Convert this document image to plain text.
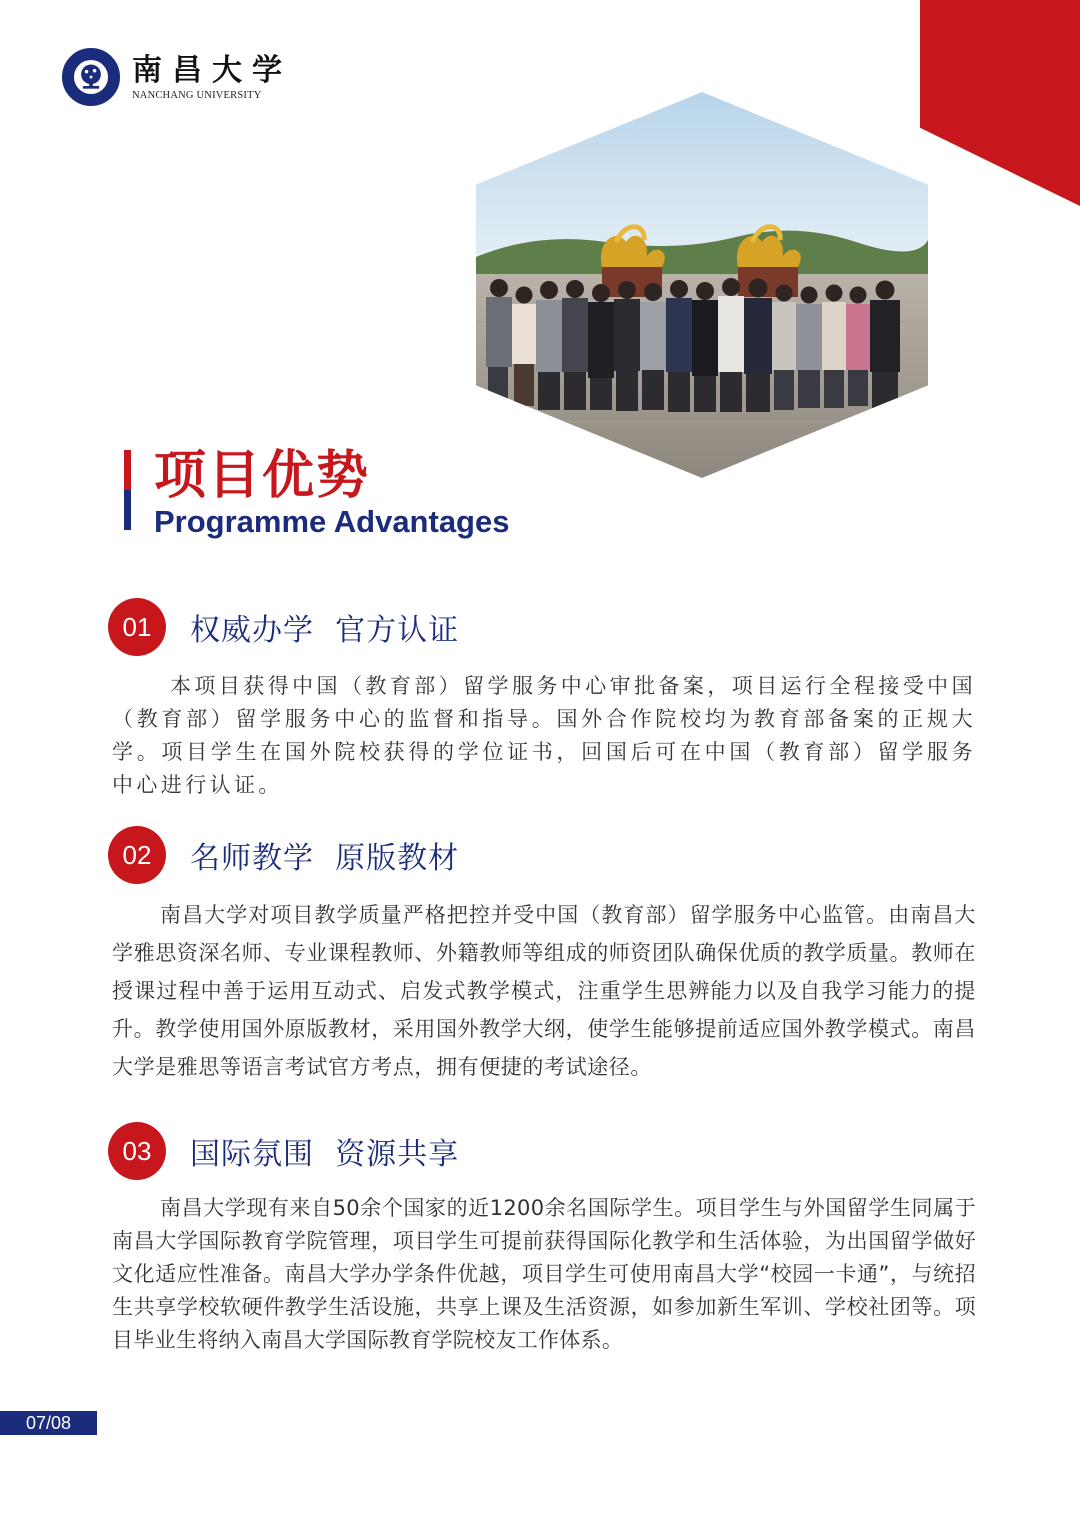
南昌大学
NANCHANG UNIVERSITY
项目优势
Programme Advantages
01	权威办学  官方认证

本项目获得中国（教育部）留学服务中心审批备案，项目运行全程接受中国（教育部）留学服务中心的监督和指导。国外合作院校均为教育部备案的正规大学。项目学生在国外院校获得的学位证书，回国后可在中国（教育部）留学服务中心进行认证。

02	名师教学  原版教材

南昌大学对项目教学质量严格把控并受中国（教育部）留学服务中心监管。由南昌大学雅思资深名师、专业课程教师、外籍教师等组成的师资团队确保优质的教学质量。教师在授课过程中善于运用互动式、启发式教学模式，注重学生思辨能力以及自我学习能力的提升。教学使用国外原版教材，采用国外教学大纲，使学生能够提前适应国外教学模式。南昌大学是雅思等语言考试官方考点，拥有便捷的考试途径。

03	国际氛围  资源共享

南昌大学现有来自50余个国家的近1200余名国际学生。项目学生与外国留学生同属于南昌大学国际教育学院管理，项目学生可提前获得国际化教学和生活体验，为出国留学做好文化适应性准备。南昌大学办学条件优越，项目学生可使用南昌大学“校园一卡通”，与统招生共享学校软硬件教学生活设施，共享上课及生活资源，如参加新生军训、学校社团等。项目毕业生将纳入南昌大学国际教育学院校友工作体系。

07/08
